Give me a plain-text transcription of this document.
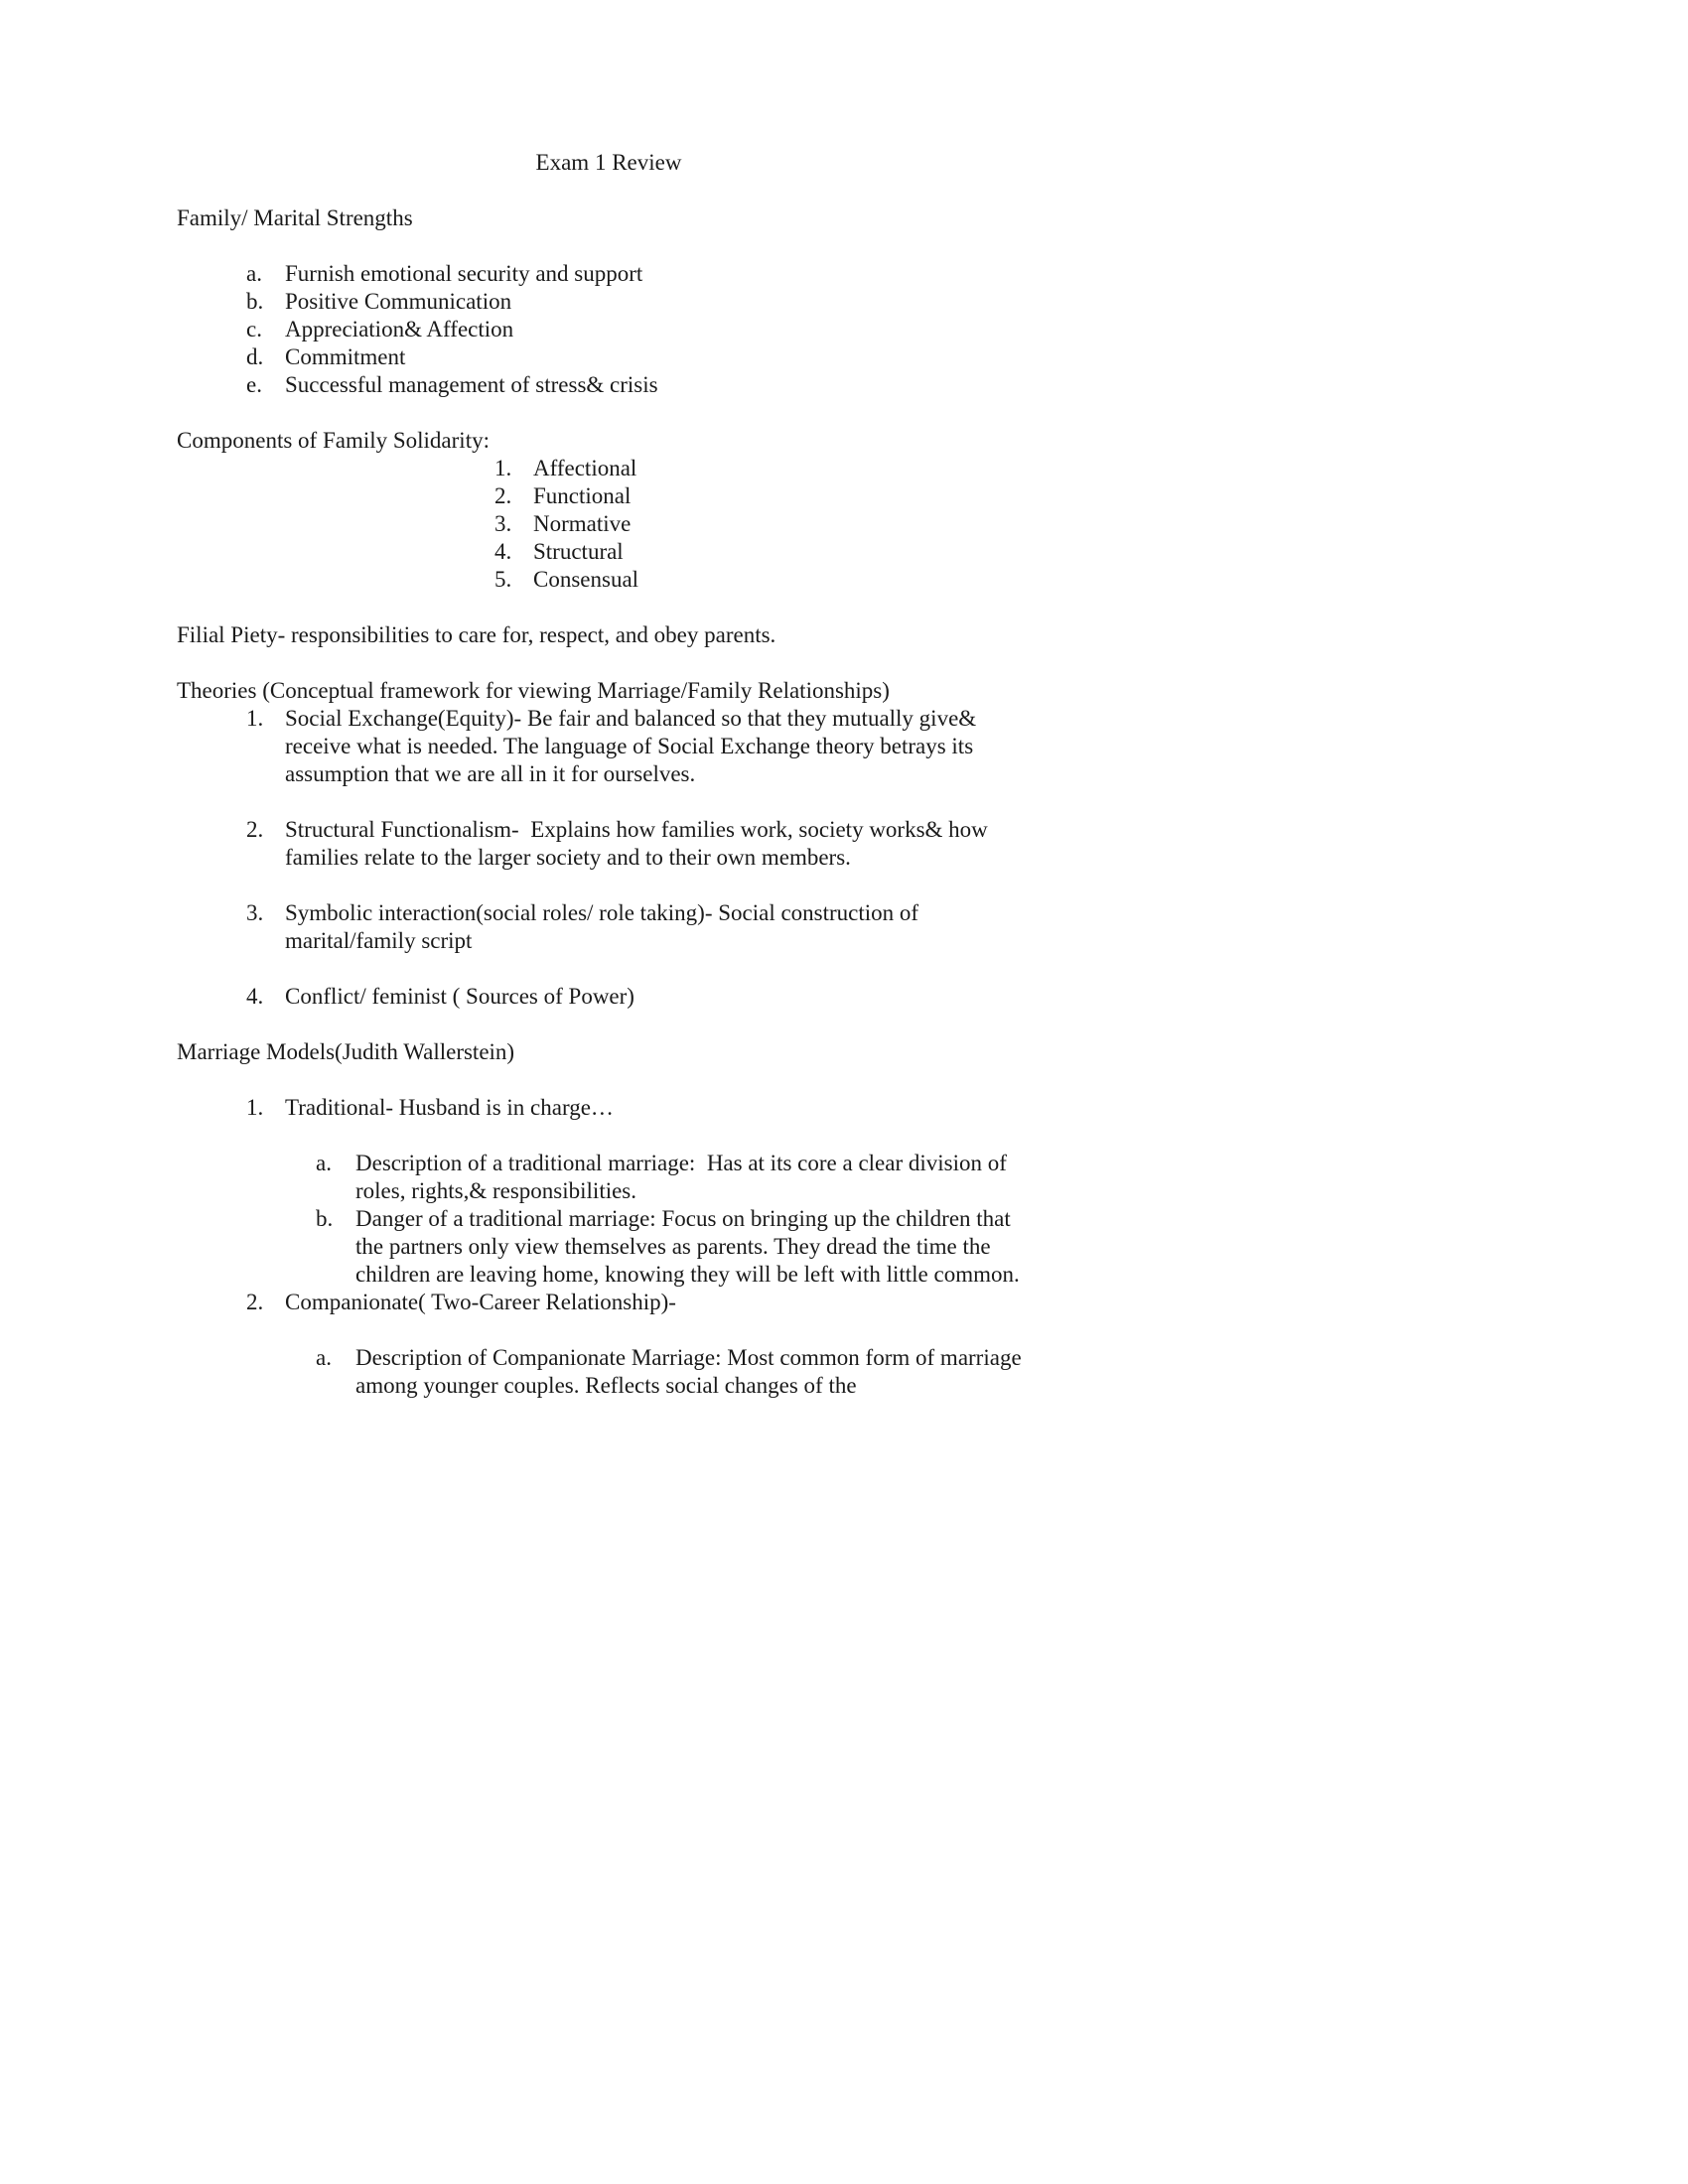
Exam 1 Review
Family/ Marital Strengths
a.	Furnish emotional security and support
b. Positive Communication
c.	Appreciation& Affection
d. Commitment
e.	Successful management of stress& crisis
Components of Family Solidarity:
1. Affectional
2. Functional
3. Normative
4. Structural
5. Consensual
Filial Piety- responsibilities to care for, respect, and obey parents.
Theories (Conceptual framework for viewing Marriage/Family Relationships)
1. Social Exchange(Equity)- Be fair and balanced so that they mutually give& receive what is needed. The language of Social Exchange theory betrays its assumption that we are all in it for ourselves.
2. Structural Functionalism-  Explains how families work, society works& how families relate to the larger society and to their own members.
3. Symbolic interaction(social roles/ role taking)- Social construction of marital/family script
4. Conflict/ feminist ( Sources of Power)
Marriage Models(Judith Wallerstein)
1. Traditional- Husband is in charge…
a.	Description of a traditional marriage:  Has at its core a clear division of roles, rights,& responsibilities.
b. Danger of a traditional marriage: Focus on bringing up the children that the partners only view themselves as parents. They dread the time the children are leaving home, knowing they will be left with little common.
2. Companionate( Two-Career Relationship)-
a.	Description of Companionate Marriage: Most common form of marriage among younger couples. Reflects social changes of the
